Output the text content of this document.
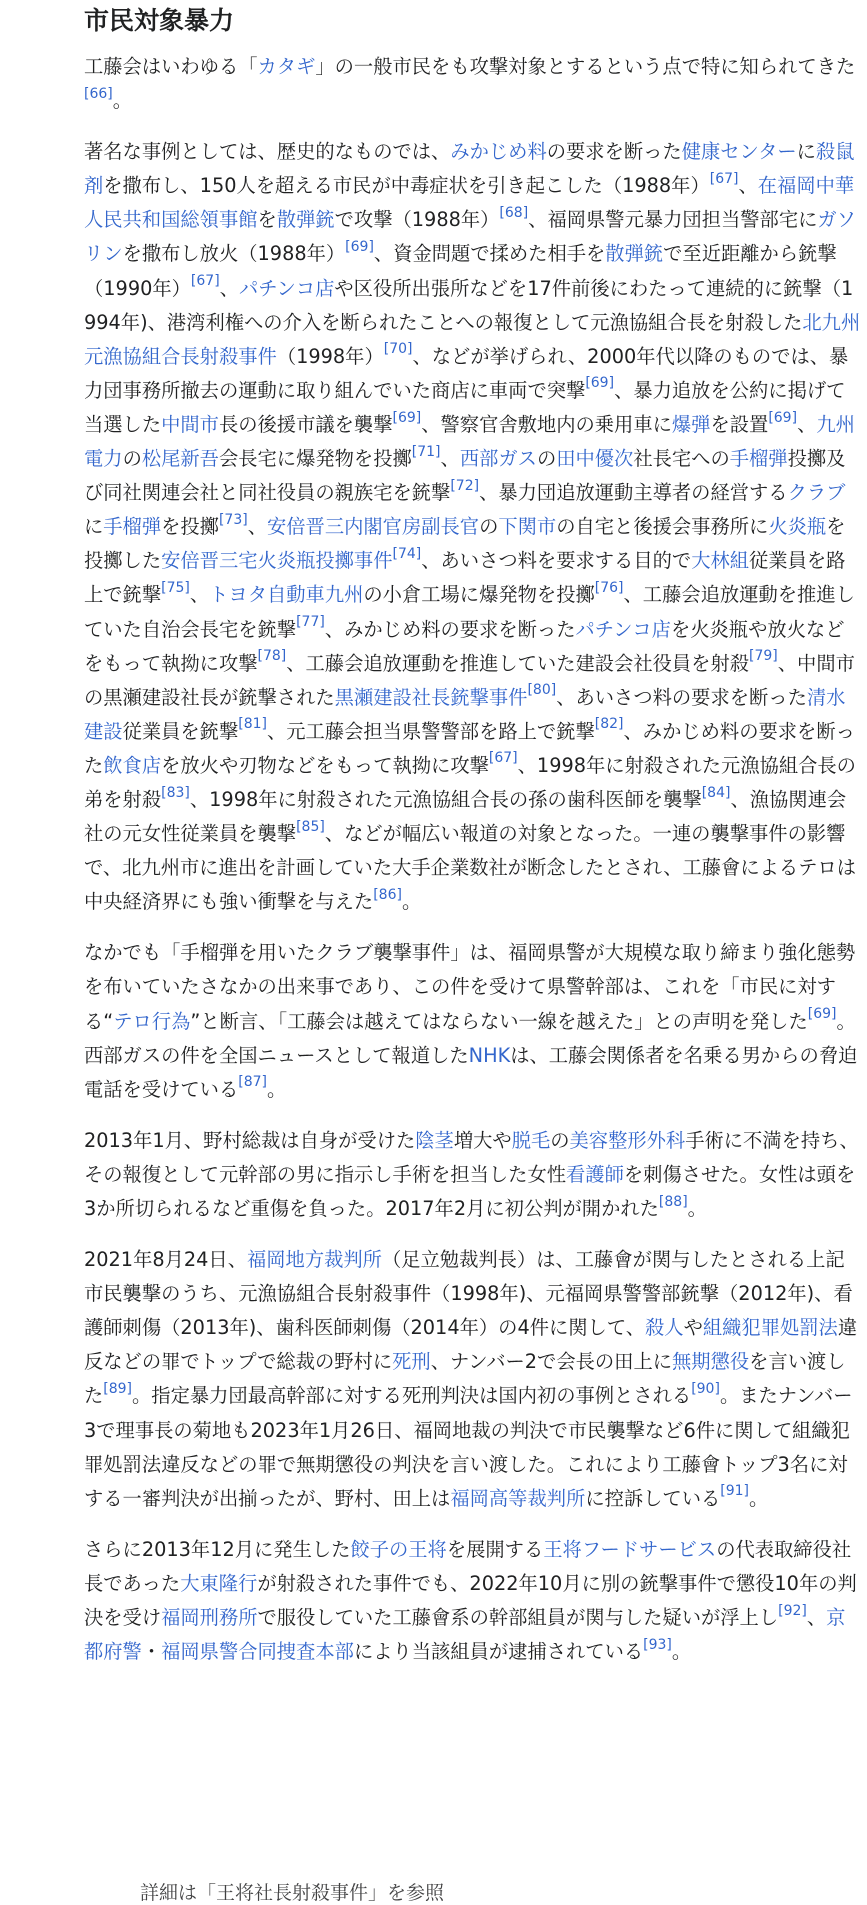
市民対象暴力

工藤会はいわゆる「カタギ」の一般市民をも攻撃対象とするという点で特に知られてきた[66]。

著名な事例としては、歴史的なものでは、みかじめ料の要求を断った健康センターに殺鼠剤を撒布し、150人を超える市民が中毒症状を引き起こした（1988年）[67]、在福岡中華人民共和国総領事館を散弾銃で攻撃（1988年）[68]、福岡県警元暴力団担当警部宅にガソリンを撒布し放火（1988年）[69]、資金問題で揉めた相手を散弾銃で至近距離から銃撃（1990年）[67]、パチンコ店や区役所出張所などを17件前後にわたって連続的に銃撃（1994年)、港湾利権への介入を断られたことへの報復として元漁協組合長を射殺した北九州元漁協組合長射殺事件（1998年）[70]、などが挙げられ、2000年代以降のものでは、暴力団事務所撤去の運動に取り組んでいた商店に車両で突撃[69]、暴力追放を公約に掲げて当選した中間市長の後援市議を襲撃[69]、警察官舎敷地内の乗用車に爆弾を設置[69]、九州電力の松尾新吾会長宅に爆発物を投擲[71]、西部ガスの田中優次社長宅への手榴弾投擲及び同社関連会社と同社役員の親族宅を銃撃[72]、暴力団追放運動主導者の経営するクラブに手榴弾を投擲[73]、安倍晋三内閣官房副長官の下関市の自宅と後援会事務所に火炎瓶を投擲した安倍晋三宅火炎瓶投擲事件[74]、あいさつ料を要求する目的で大林組従業員を路上で銃撃[75]、トヨタ自動車九州の小倉工場に爆発物を投擲[76]、工藤会追放運動を推進していた自治会長宅を銃撃[77]、みかじめ料の要求を断ったパチンコ店を火炎瓶や放火などをもって執拗に攻撃[78]、工藤会追放運動を推進していた建設会社役員を射殺[79]、中間市の黒瀬建設社長が銃撃された黒瀬建設社長銃撃事件[80]、あいさつ料の要求を断った清水建設従業員を銃撃[81]、元工藤会担当県警警部を路上で銃撃[82]、みかじめ料の要求を断った飲食店を放火や刃物などをもって執拗に攻撃[67]、1998年に射殺された元漁協組合長の弟を射殺[83]、1998年に射殺された元漁協組合長の孫の歯科医師を襲撃[84]、漁協関連会社の元女性従業員を襲撃[85]、などが幅広い報道の対象となった。一連の襲撃事件の影響で、北九州市に進出を計画していた大手企業数社が断念したとされ、工藤會によるテロは中央経済界にも強い衝撃を与えた[86]。

なかでも「手榴弾を用いたクラブ襲撃事件」は、福岡県警が大規模な取り締まり強化態勢を布いていたさなかの出来事であり、この件を受けて県警幹部は、これを「市民に対する“テロ行為”と断言、「工藤会は越えてはならない一線を越えた」との声明を発した[69]。西部ガスの件を全国ニュースとして報道したNHKは、工藤会関係者を名乗る男からの脅迫電話を受けている[87]。

2013年1月、野村総裁は自身が受けた陰茎増大や脱毛の美容整形外科手術に不満を持ち、その報復として元幹部の男に指示し手術を担当した女性看護師を刺傷させた。女性は頭を3か所切られるなど重傷を負った。2017年2月に初公判が開かれた[88]。

2021年8月24日、福岡地方裁判所（足立勉裁判長）は、工藤會が関与したとされる上記市民襲撃のうち、元漁協組合長射殺事件（1998年)、元福岡県警警部銃撃（2012年)、看護師刺傷（2013年)、歯科医師刺傷（2014年）の4件に関して、殺人や組織犯罪処罰法違反などの罪でトップで総裁の野村に死刑、ナンバー2で会長の田上に無期懲役を言い渡した[89]。指定暴力団最高幹部に対する死刑判決は国内初の事例とされる[90]。またナンバー3で理事長の菊地も2023年1月26日、福岡地裁の判決で市民襲撃など6件に関して組織犯罪処罰法違反などの罪で無期懲役の判決を言い渡した。これにより工藤會トップ3名に対する一審判決が出揃ったが、野村、田上は福岡高等裁判所に控訴している[91]。

さらに2013年12月に発生した餃子の王将を展開する王将フードサービスの代表取締役社長であった大東隆行が射殺された事件でも、2022年10月に別の銃撃事件で懲役10年の判決を受け福岡刑務所で服役していた工藤會系の幹部組員が関与した疑いが浮上し[92]、京都府警・福岡県警合同捜査本部により当該組員が逮捕されている[93]。

詳細は「王将社長射殺事件」を参照
